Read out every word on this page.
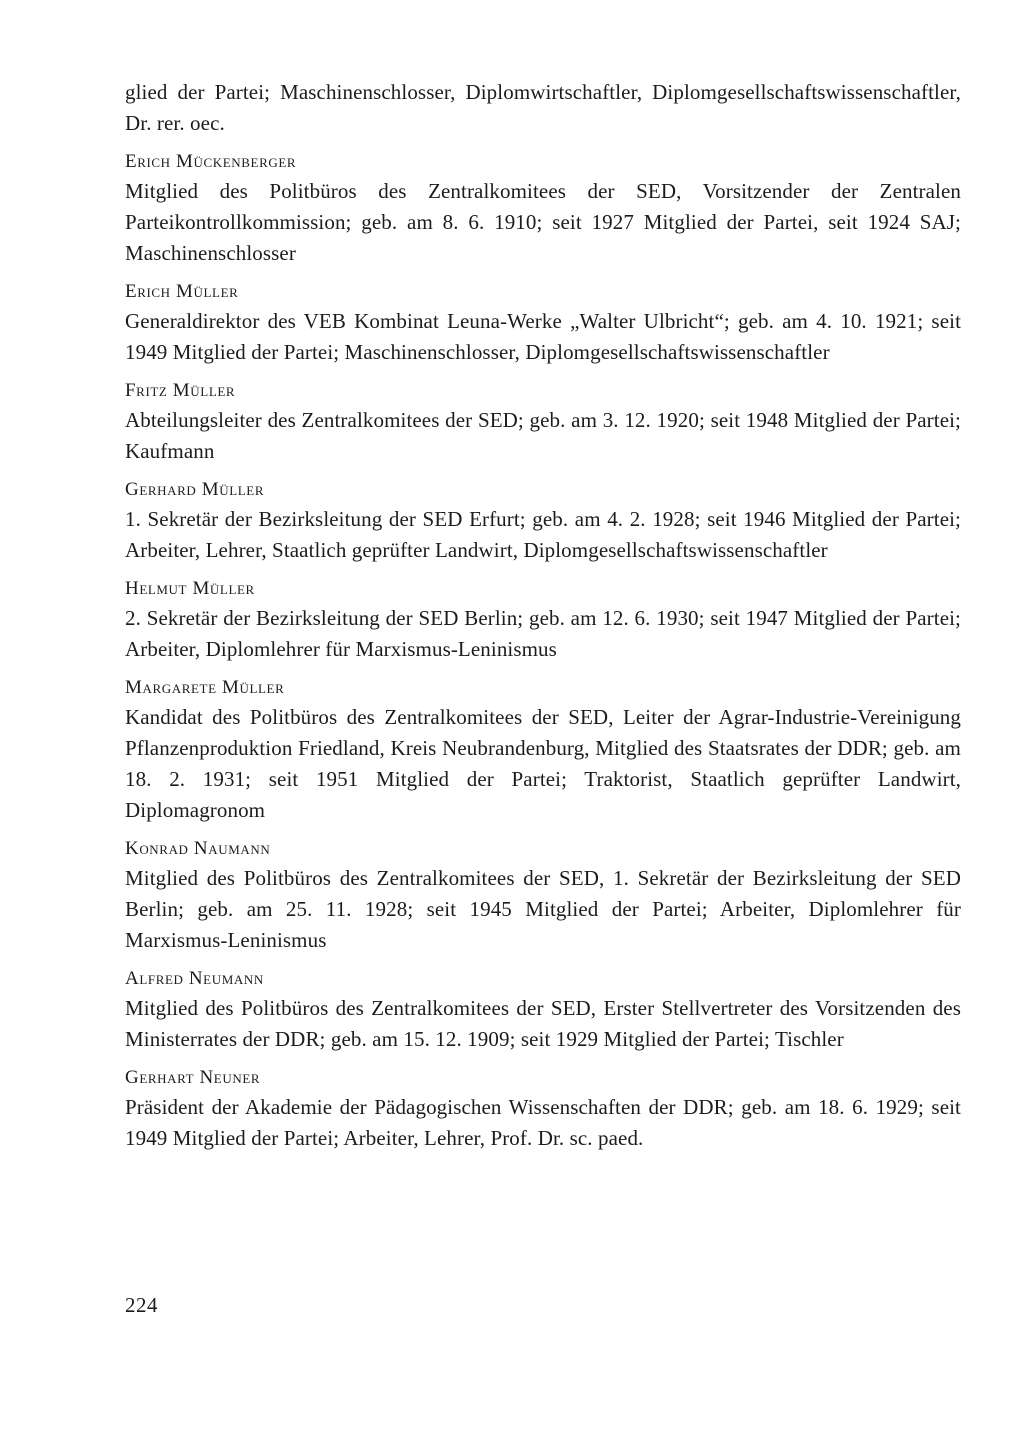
glied der Partei; Maschinenschlosser, Diplomwirtschaftler, Diplomgesellschaftswissenschaftler, Dr. rer. oec.

Erich Mückenberger

Mitglied des Politbüros des Zentralkomitees der SED, Vorsitzender der Zentralen Parteikontrollkommission; geb. am 8. 6. 1910; seit 1927 Mitglied der Partei, seit 1924 SAJ; Maschinenschlosser

Erich Müller

Generaldirektor des VEB Kombinat Leuna-Werke „Walter Ulbricht“; geb. am 4. 10. 1921; seit 1949 Mitglied der Partei; Maschinenschlosser, Diplomgesellschaftswissenschaftler

Fritz Müller

Abteilungsleiter des Zentralkomitees der SED; geb. am 3. 12. 1920; seit 1948 Mitglied der Partei; Kaufmann

Gerhard Müller

1. Sekretär der Bezirksleitung der SED Erfurt; geb. am 4. 2. 1928; seit 1946 Mitglied der Partei; Arbeiter, Lehrer, Staatlich geprüfter Landwirt, Diplomgesellschaftswissenschaftler

Helmut Müller

2. Sekretär der Bezirksleitung der SED Berlin; geb. am 12. 6. 1930; seit 1947 Mitglied der Partei; Arbeiter, Diplomlehrer für Marxismus-Leninismus

Margarete Müller

Kandidat des Politbüros des Zentralkomitees der SED, Leiter der Agrar-Industrie-Vereinigung Pflanzenproduktion Friedland, Kreis Neubrandenburg, Mitglied des Staatsrates der DDR; geb. am 18. 2. 1931; seit 1951 Mitglied der Partei; Traktorist, Staatlich geprüfter Landwirt, Diplomagronom

Konrad Naumann

Mitglied des Politbüros des Zentralkomitees der SED, 1. Sekretär der Bezirksleitung der SED Berlin; geb. am 25. 11. 1928; seit 1945 Mitglied der Partei; Arbeiter, Diplomlehrer für Marxismus-Leninismus

Alfred Neumann

Mitglied des Politbüros des Zentralkomitees der SED, Erster Stellvertreter des Vorsitzenden des Ministerrates der DDR; geb. am 15. 12. 1909; seit 1929 Mitglied der Partei; Tischler

Gerhart Neuner

Präsident der Akademie der Pädagogischen Wissenschaften der DDR; geb. am 18. 6. 1929; seit 1949 Mitglied der Partei; Arbeiter, Lehrer, Prof. Dr. sc. paed.

224
